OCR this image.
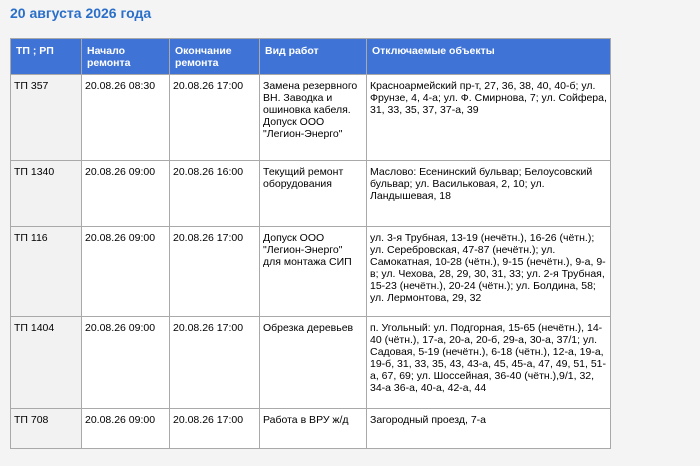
20 августа 2026 года
ТП ; РП	Начало ремонта	Окончание ремонта	Вид работ	Отключаемые объекты
ТП 357	20.08.26 08:30	20.08.26 17:00	Замена резервного ВН. Заводка и ошиновка кабеля. Допуск ООО "Легион-Энерго"	Красноармейский пр-т, 27, 36, 38, 40, 40-б; ул. Фрунзе, 4, 4-а; ул. Ф. Смирнова, 7; ул. Сойфера, 31, 33, 35, 37, 37-а, 39
ТП 1340	20.08.26 09:00	20.08.26 16:00	Текущий ремонт оборудования	Маслово: Есенинский бульвар; Белоусовский бульвар; ул. Васильковая, 2, 10; ул. Ландышевая, 18
ТП 116	20.08.26 09:00	20.08.26 17:00	Допуск ООО "Легион-Энерго" для монтажа СИП	ул. 3-я Трубная, 13-19 (нечётн.), 16-26 (чётн.); ул. Серебровская, 47-87 (нечётн.); ул. Самокатная, 10-28 (чётн.), 9-15 (нечётн.), 9-а, 9-в; ул. Чехова, 28, 29, 30, 31, 33; ул. 2-я Трубная, 15-23 (нечётн.), 20-24 (чётн.); ул. Болдина, 58; ул. Лермонтова, 29, 32
ТП 1404	20.08.26 09:00	20.08.26 17:00	Обрезка деревьев	п. Угольный: ул. Подгорная, 15-65 (нечётн.), 14-40 (чётн.), 17-а, 20-а, 20-б, 29-а, 30-а, 37/1; ул. Садовая, 5-19 (нечётн.), 6-18 (чётн.), 12-а, 19-а, 19-б, 31, 33, 35, 43, 43-а, 45, 45-а, 47, 49, 51, 51-а, 67, 69; ул. Шоссейная, 36-40 (чётн.),9/1, 32, 34-а 36-а, 40-а, 42-а, 44
ТП 708	20.08.26 09:00	20.08.26 17:00	Работа в ВРУ ж/д	Загородный проезд, 7-а
